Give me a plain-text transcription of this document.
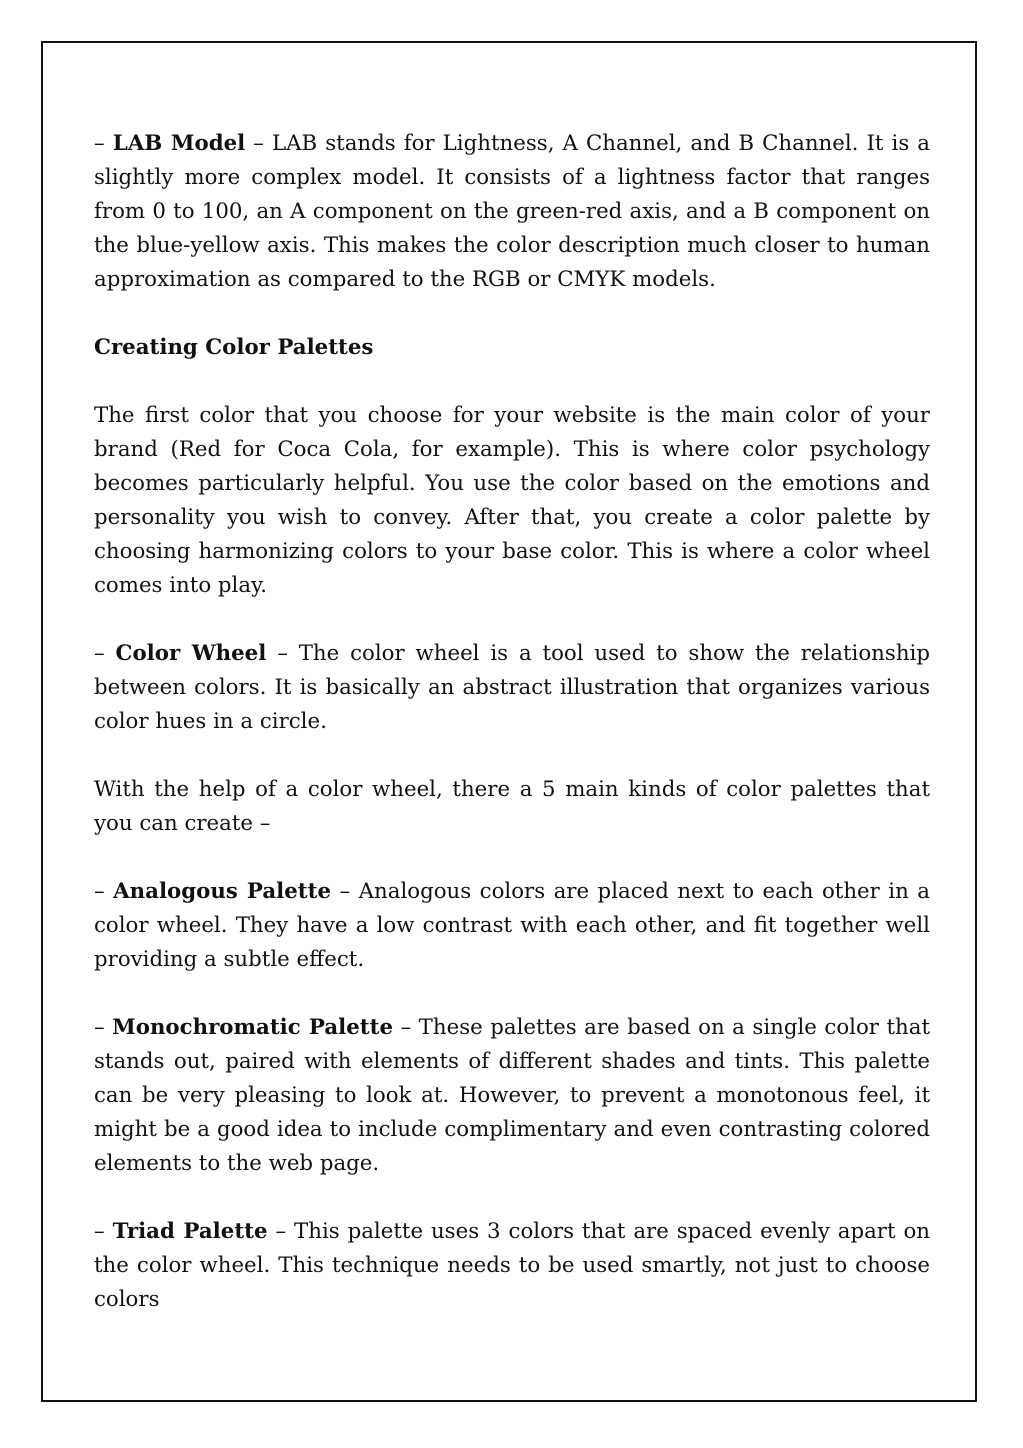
– LAB Model – LAB stands for Lightness, A Channel, and B Channel. It is a slightly more complex model. It consists of a lightness factor that ranges from 0 to 100, an A component on the green-red axis, and a B component on the blue-yellow axis. This makes the color description much closer to human approximation as compared to the RGB or CMYK models.

Creating Color Palettes

The first color that you choose for your website is the main color of your brand (Red for Coca Cola, for example). This is where color psychology becomes particularly helpful. You use the color based on the emotions and personality you wish to convey. After that, you create a color palette by choosing harmonizing colors to your base color. This is where a color wheel comes into play.

– Color Wheel – The color wheel is a tool used to show the relationship between colors. It is basically an abstract illustration that organizes various color hues in a circle.

With the help of a color wheel, there a 5 main kinds of color palettes that you can create –

– Analogous Palette – Analogous colors are placed next to each other in a color wheel. They have a low contrast with each other, and fit together well providing a subtle effect.

– Monochromatic Palette – These palettes are based on a single color that stands out, paired with elements of different shades and tints. This palette can be very pleasing to look at. However, to prevent a monotonous feel, it might be a good idea to include complimentary and even contrasting colored elements to the web page.

– Triad Palette – This palette uses 3 colors that are spaced evenly apart on the color wheel. This technique needs to be used smartly, not just to choose colors
